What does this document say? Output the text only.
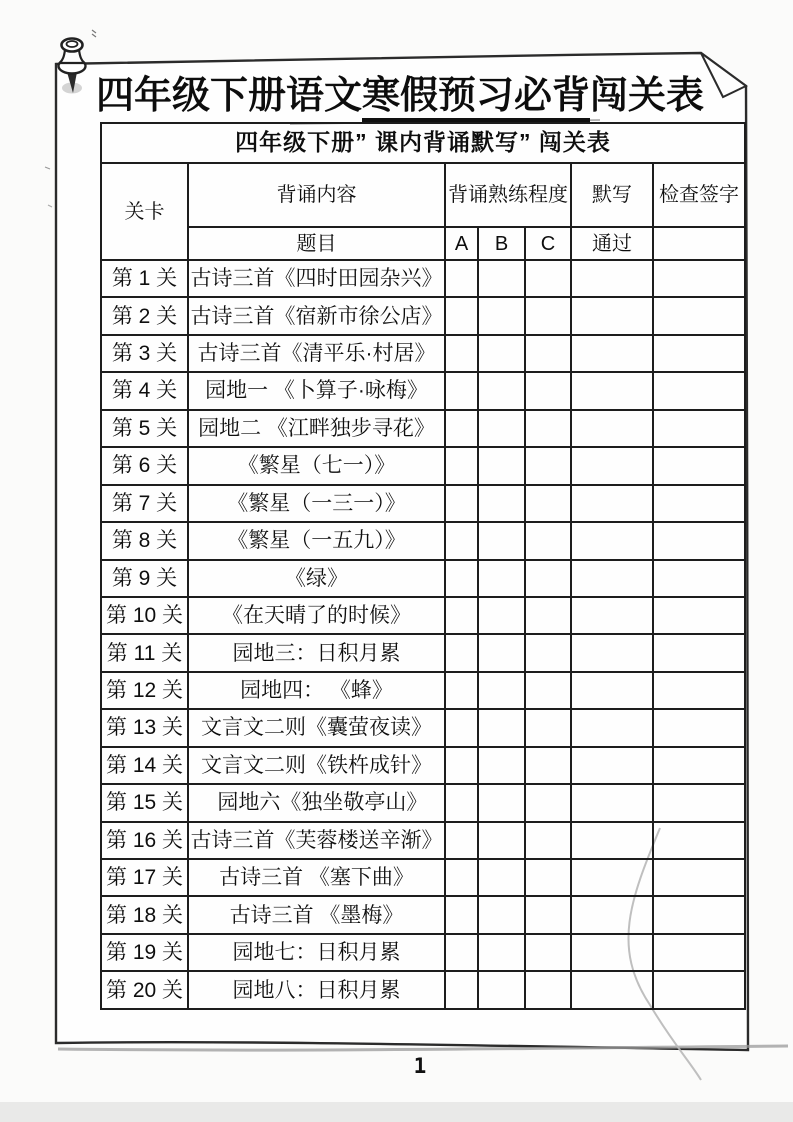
四年级下册语文寒假预习必背闯关表
四年级下册” 课内背诵默写” 闯关表						
关卡	背诵内容	背诵熟练程度			默写	检查签字
	题目	A	B	C	通过	
第 1 关	古诗三首《四时田园杂兴》					
第 2 关	古诗三首《宿新市徐公店》					
第 3 关	古诗三首《清平乐·村居》					
第 4 关	园地一 《卜算子·咏梅》					
第 5 关	园地二 《江畔独步寻花》					
第 6 关	《繁星（七一）》					
第 7 关	《繁星（一三一）》					
第 8 关	《繁星（一五九）》					
第 9 关	《绿》					
第 10 关	《在天晴了的时候》					
第 11 关	园地三：日积月累					
第 12 关	园地四： 《蜂》					
第 13 关	文言文二则《囊萤夜读》					
第 14 关	文言文二则《铁杵成针》					
第 15 关	园地六《独坐敬亭山》					
第 16 关	古诗三首《芙蓉楼送辛渐》					
第 17 关	古诗三首 《塞下曲》					
第 18 关	古诗三首 《墨梅》					
第 19 关	园地七：日积月累					
第 20 关	园地八：日积月累					
1
